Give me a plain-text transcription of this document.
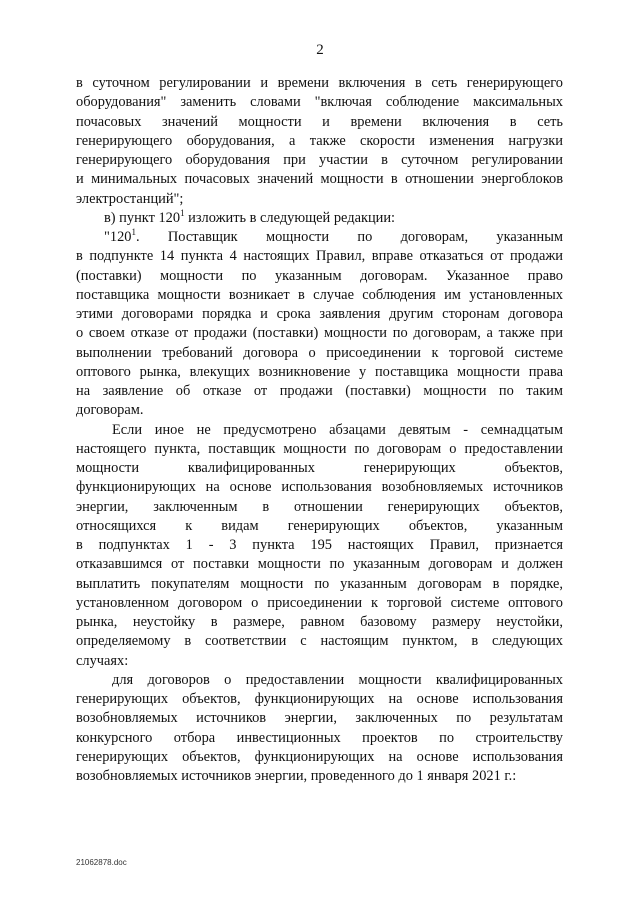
2
в суточном регулировании и времени включения в сеть генерирующего
оборудования" заменить словами "включая соблюдение максимальных
почасовых значений мощности и времени включения в сеть
генерирующего оборудования, а также скорости изменения нагрузки
генерирующего оборудования при участии в суточном регулировании
и минимальных почасовых значений мощности в отношении энергоблоков
электростанций";
в) пункт $120^1$ изложить в следующей редакции:
"$120^1$. Поставщик мощности по договорам, указанным
в подпункте 14 пункта 4 настоящих Правил, вправе отказаться от продажи
(поставки) мощности по указанным договорам. Указанное право
поставщика мощности возникает в случае соблюдения им установленных
этими договорами порядка и срока заявления другим сторонам договора
о своем отказе от продажи (поставки) мощности по договорам, а также при
выполнении требований договора о присоединении к торговой системе
оптового рынка, влекущих возникновение у поставщика мощности права
на заявление об отказе от продажи (поставки) мощности по таким
договорам.
Если иное не предусмотрено абзацами девятым - семнадцатым
настоящего пункта, поставщик мощности по договорам о предоставлении
мощности квалифицированных генерирующих объектов,
функционирующих на основе использования возобновляемых источников
энергии, заключенным в отношении генерирующих объектов,
относящихся к видам генерирующих объектов, указанным
в подпунктах 1 - 3 пункта 195 настоящих Правил, признается
отказавшимся от поставки мощности по указанным договорам и должен
выплатить покупателям мощности по указанным договорам в порядке,
установленном договором о присоединении к торговой системе оптового
рынка, неустойку в размере, равном базовому размеру неустойки,
определяемому в соответствии с настоящим пунктом, в следующих
случаях:
для договоров о предоставлении мощности квалифицированных
генерирующих объектов, функционирующих на основе использования
возобновляемых источников энергии, заключенных по результатам
конкурсного отбора инвестиционных проектов по строительству
генерирующих объектов, функционирующих на основе использования
возобновляемых источников энергии, проведенного до 1 января 2021 г.:
21062878.doc
